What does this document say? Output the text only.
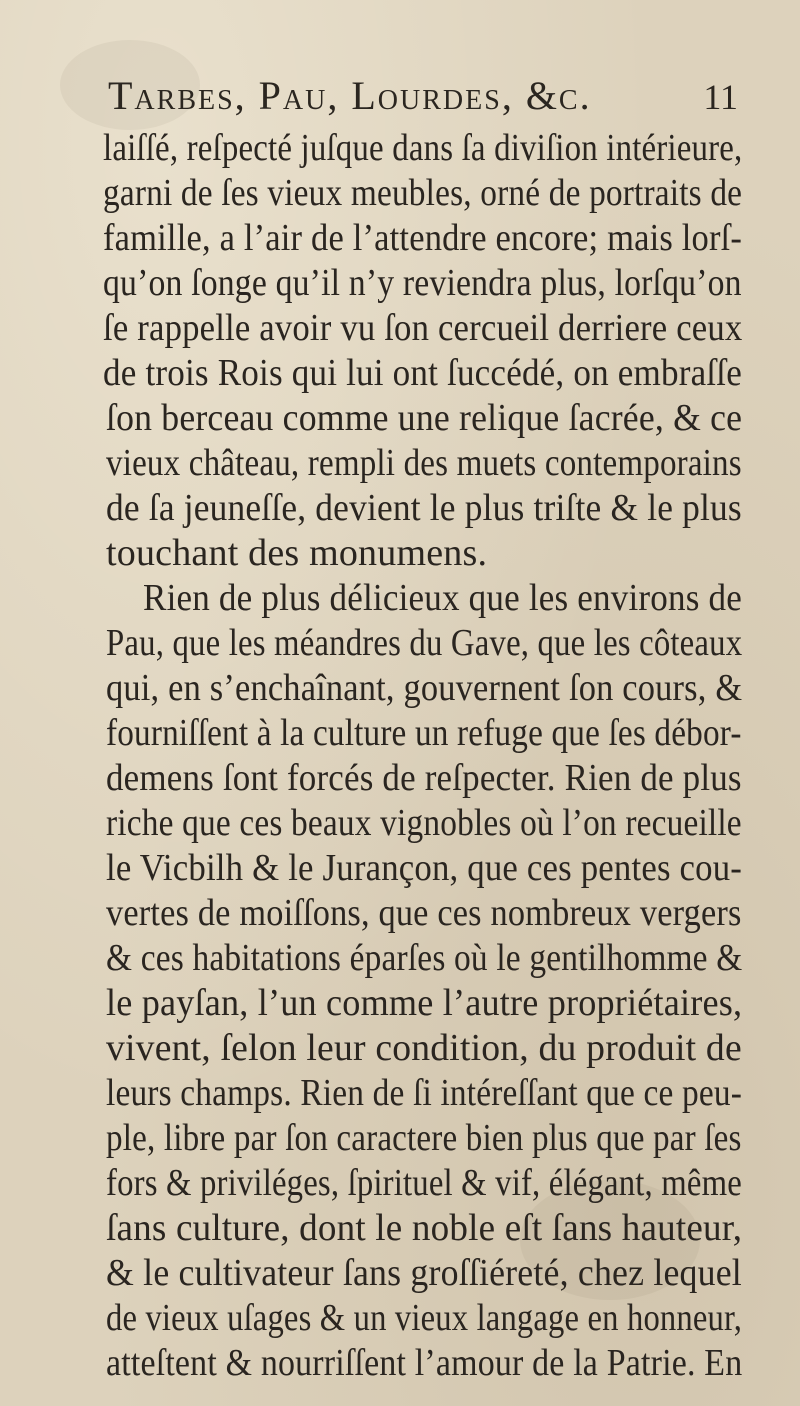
Tarbes, Pau, Lourdes, &c.	11
laiſſé, reſpecté juſque dans ſa diviſion intérieure,
garni de ſes vieux meubles, orné de portraits de
famille, a l’air de l’attendre encore; mais lorſ-
qu’on ſonge qu’il n’y reviendra plus, lorſqu’on
ſe rappelle avoir vu ſon cercueil derriere ceux
de trois Rois qui lui ont ſuccédé, on embraſſe
ſon berceau comme une relique ſacrée, & ce
vieux château, rempli des muets contemporains
de ſa jeuneſſe, devient le plus triſte & le plus
touchant des monumens.
Rien de plus délicieux que les environs de
Pau, que les méandres du Gave, que les côteaux
qui, en s’enchaînant, gouvernent ſon cours, &
fourniſſent à la culture un refuge que ſes débor-
demens ſont forcés de reſpecter. Rien de plus
riche que ces beaux vignobles où l’on recueille
le Vicbilh & le Jurançon, que ces pentes cou-
vertes de moiſſons, que ces nombreux vergers
& ces habitations éparſes où le gentilhomme &
le payſan, l’un comme l’autre propriétaires,
vivent, ſelon leur condition, du produit de
leurs champs. Rien de ſi intéreſſant que ce peu-
ple, libre par ſon caractere bien plus que par ſes
fors & priviléges, ſpirituel & vif, élégant, même
ſans culture, dont le noble eſt ſans hauteur,
& le cultivateur ſans groſſiéreté, chez lequel
de vieux uſages & un vieux langage en honneur,
atteſtent & nourriſſent l’amour de la Patrie. En
